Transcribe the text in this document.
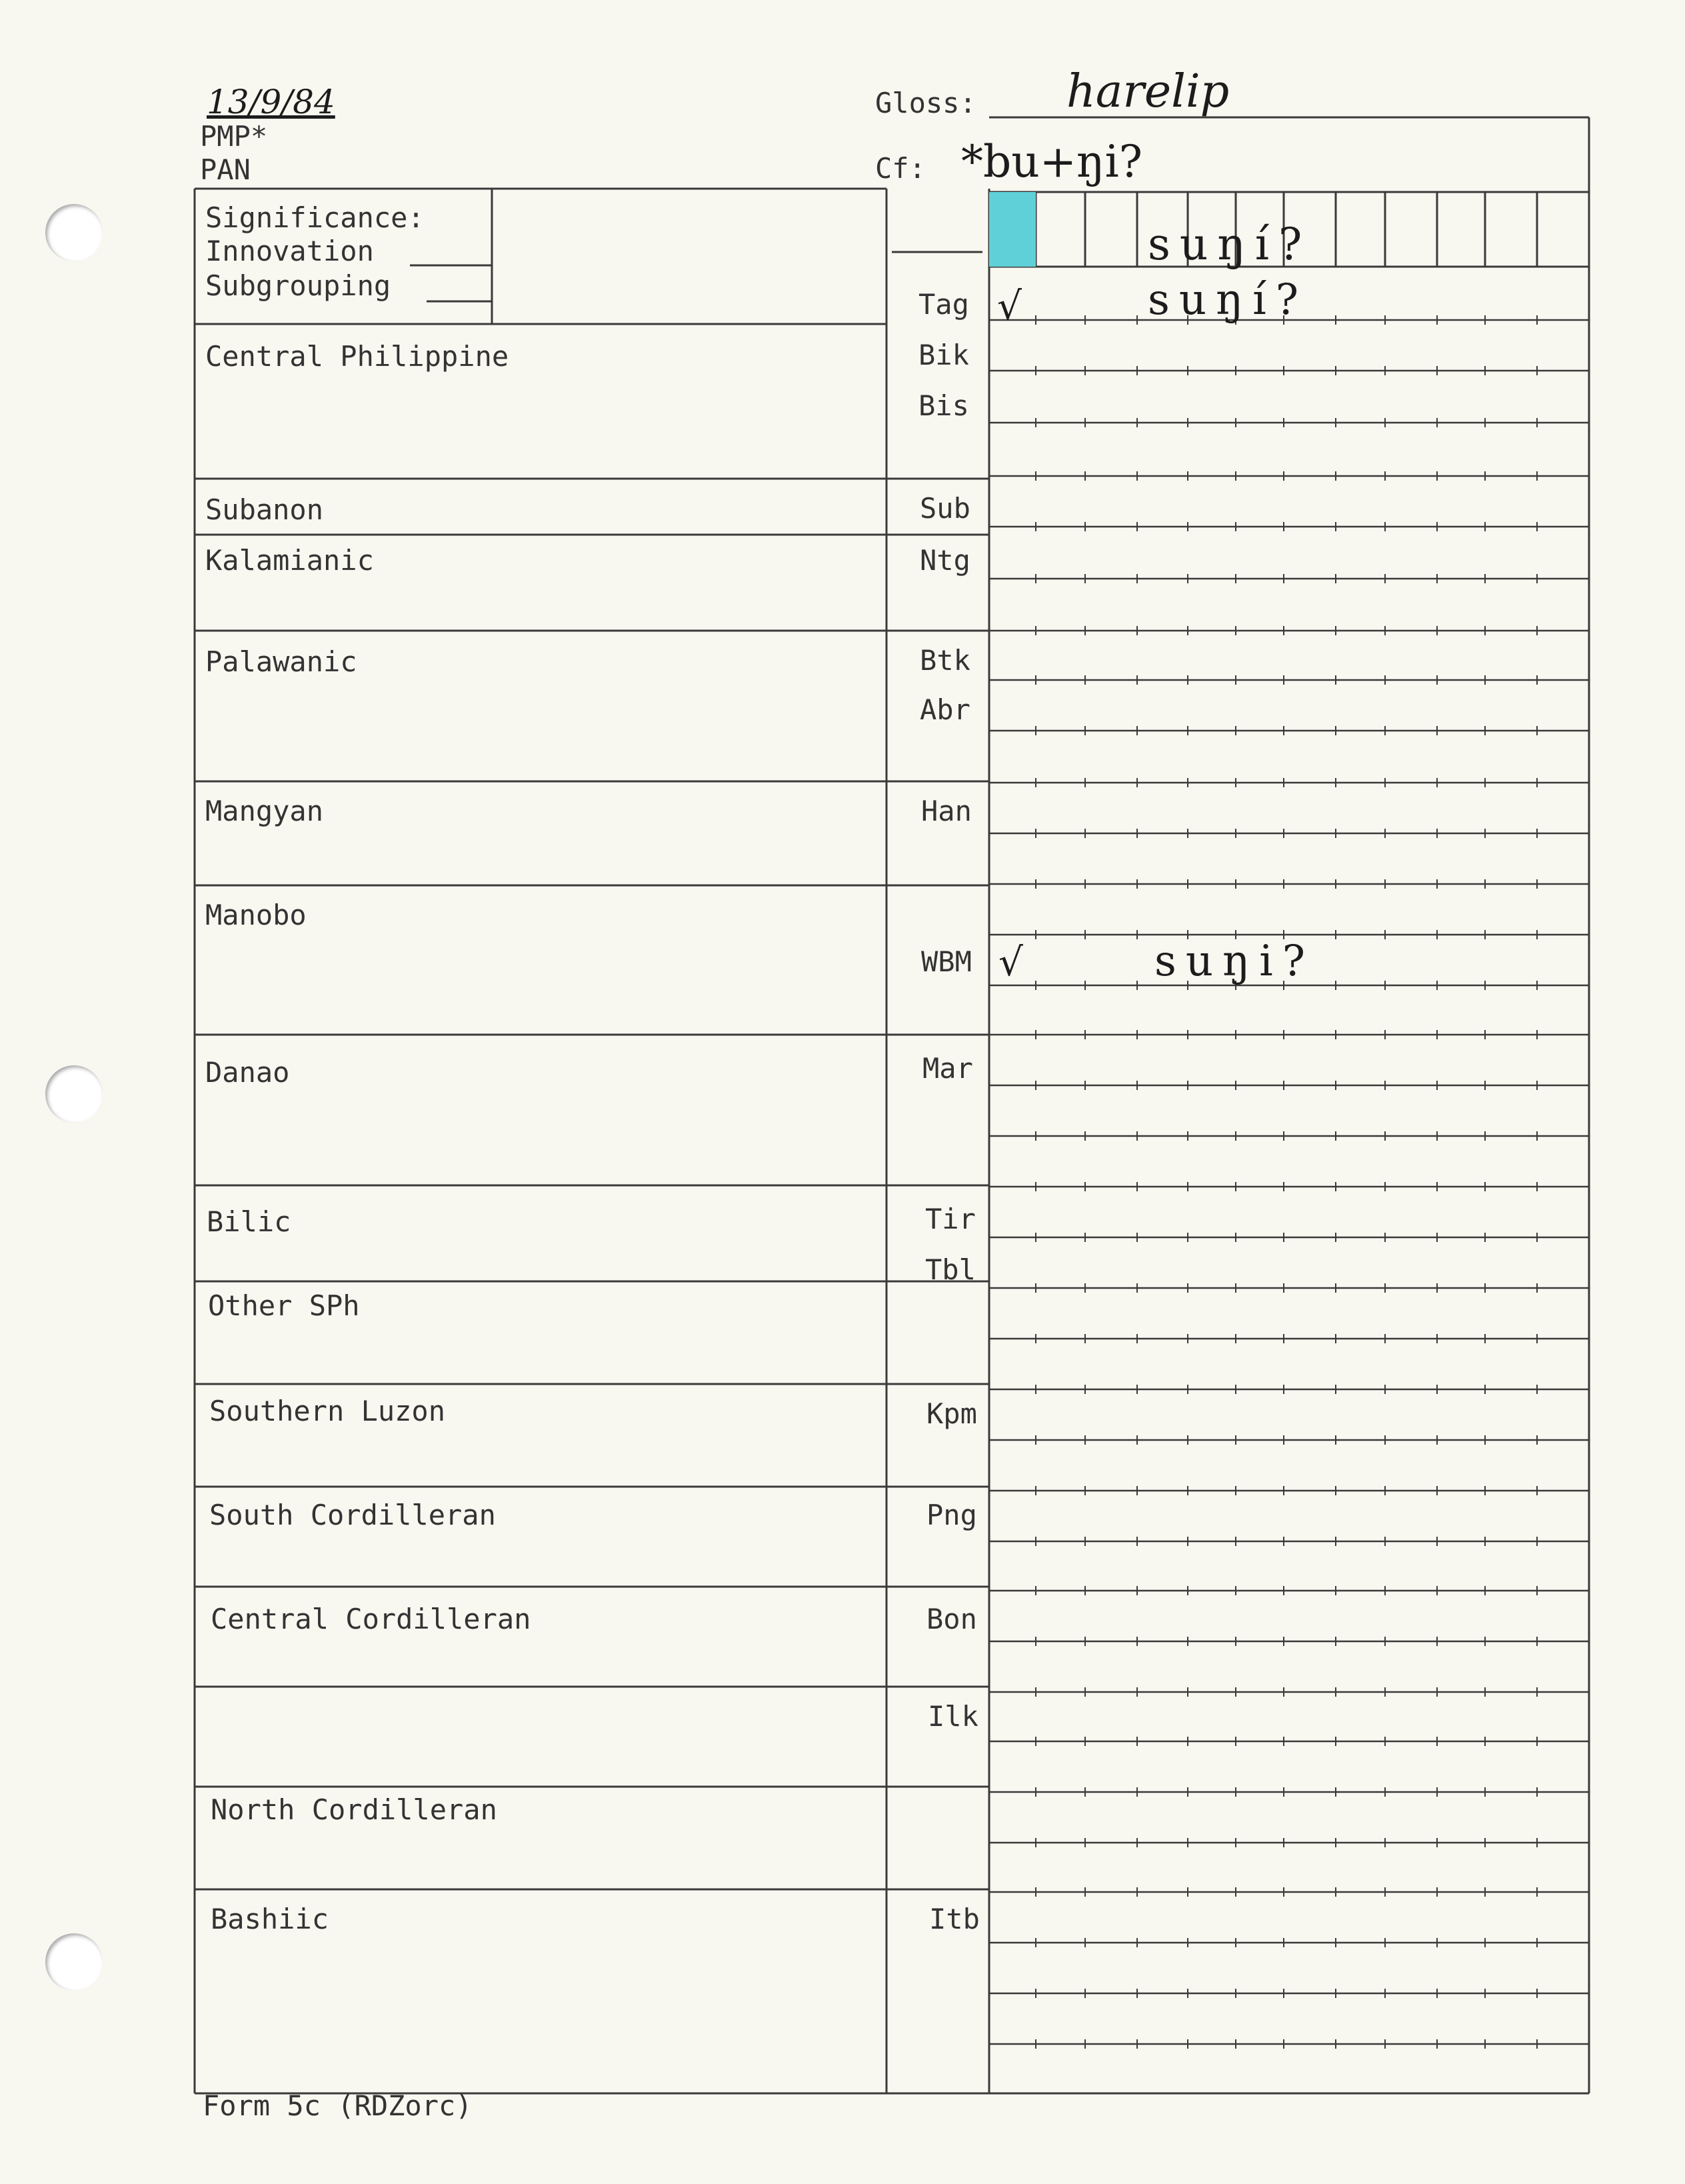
13/9/84
PMP*
PAN
Gloss: harelip
Cf: *bu+ŋi?
Significance:
Innovation
Subgrouping
suŋí?
Central Philippine
Subanon
Kalamianic
Palawanic
Mangyan
Manobo
Danao
Bilic
Other SPh
Southern Luzon
South Cordilleran
Central Cordilleran
North Cordilleran
Bashiic
Tag
Bik
Bis
Sub
Ntg
Btk
Abr
Han
WBM
Mar
Tir
Tbl
Kpm
Png
Bon
Ilk
Itb
√	suŋí?
√	suŋi?
Form 5c (RDZorc)
